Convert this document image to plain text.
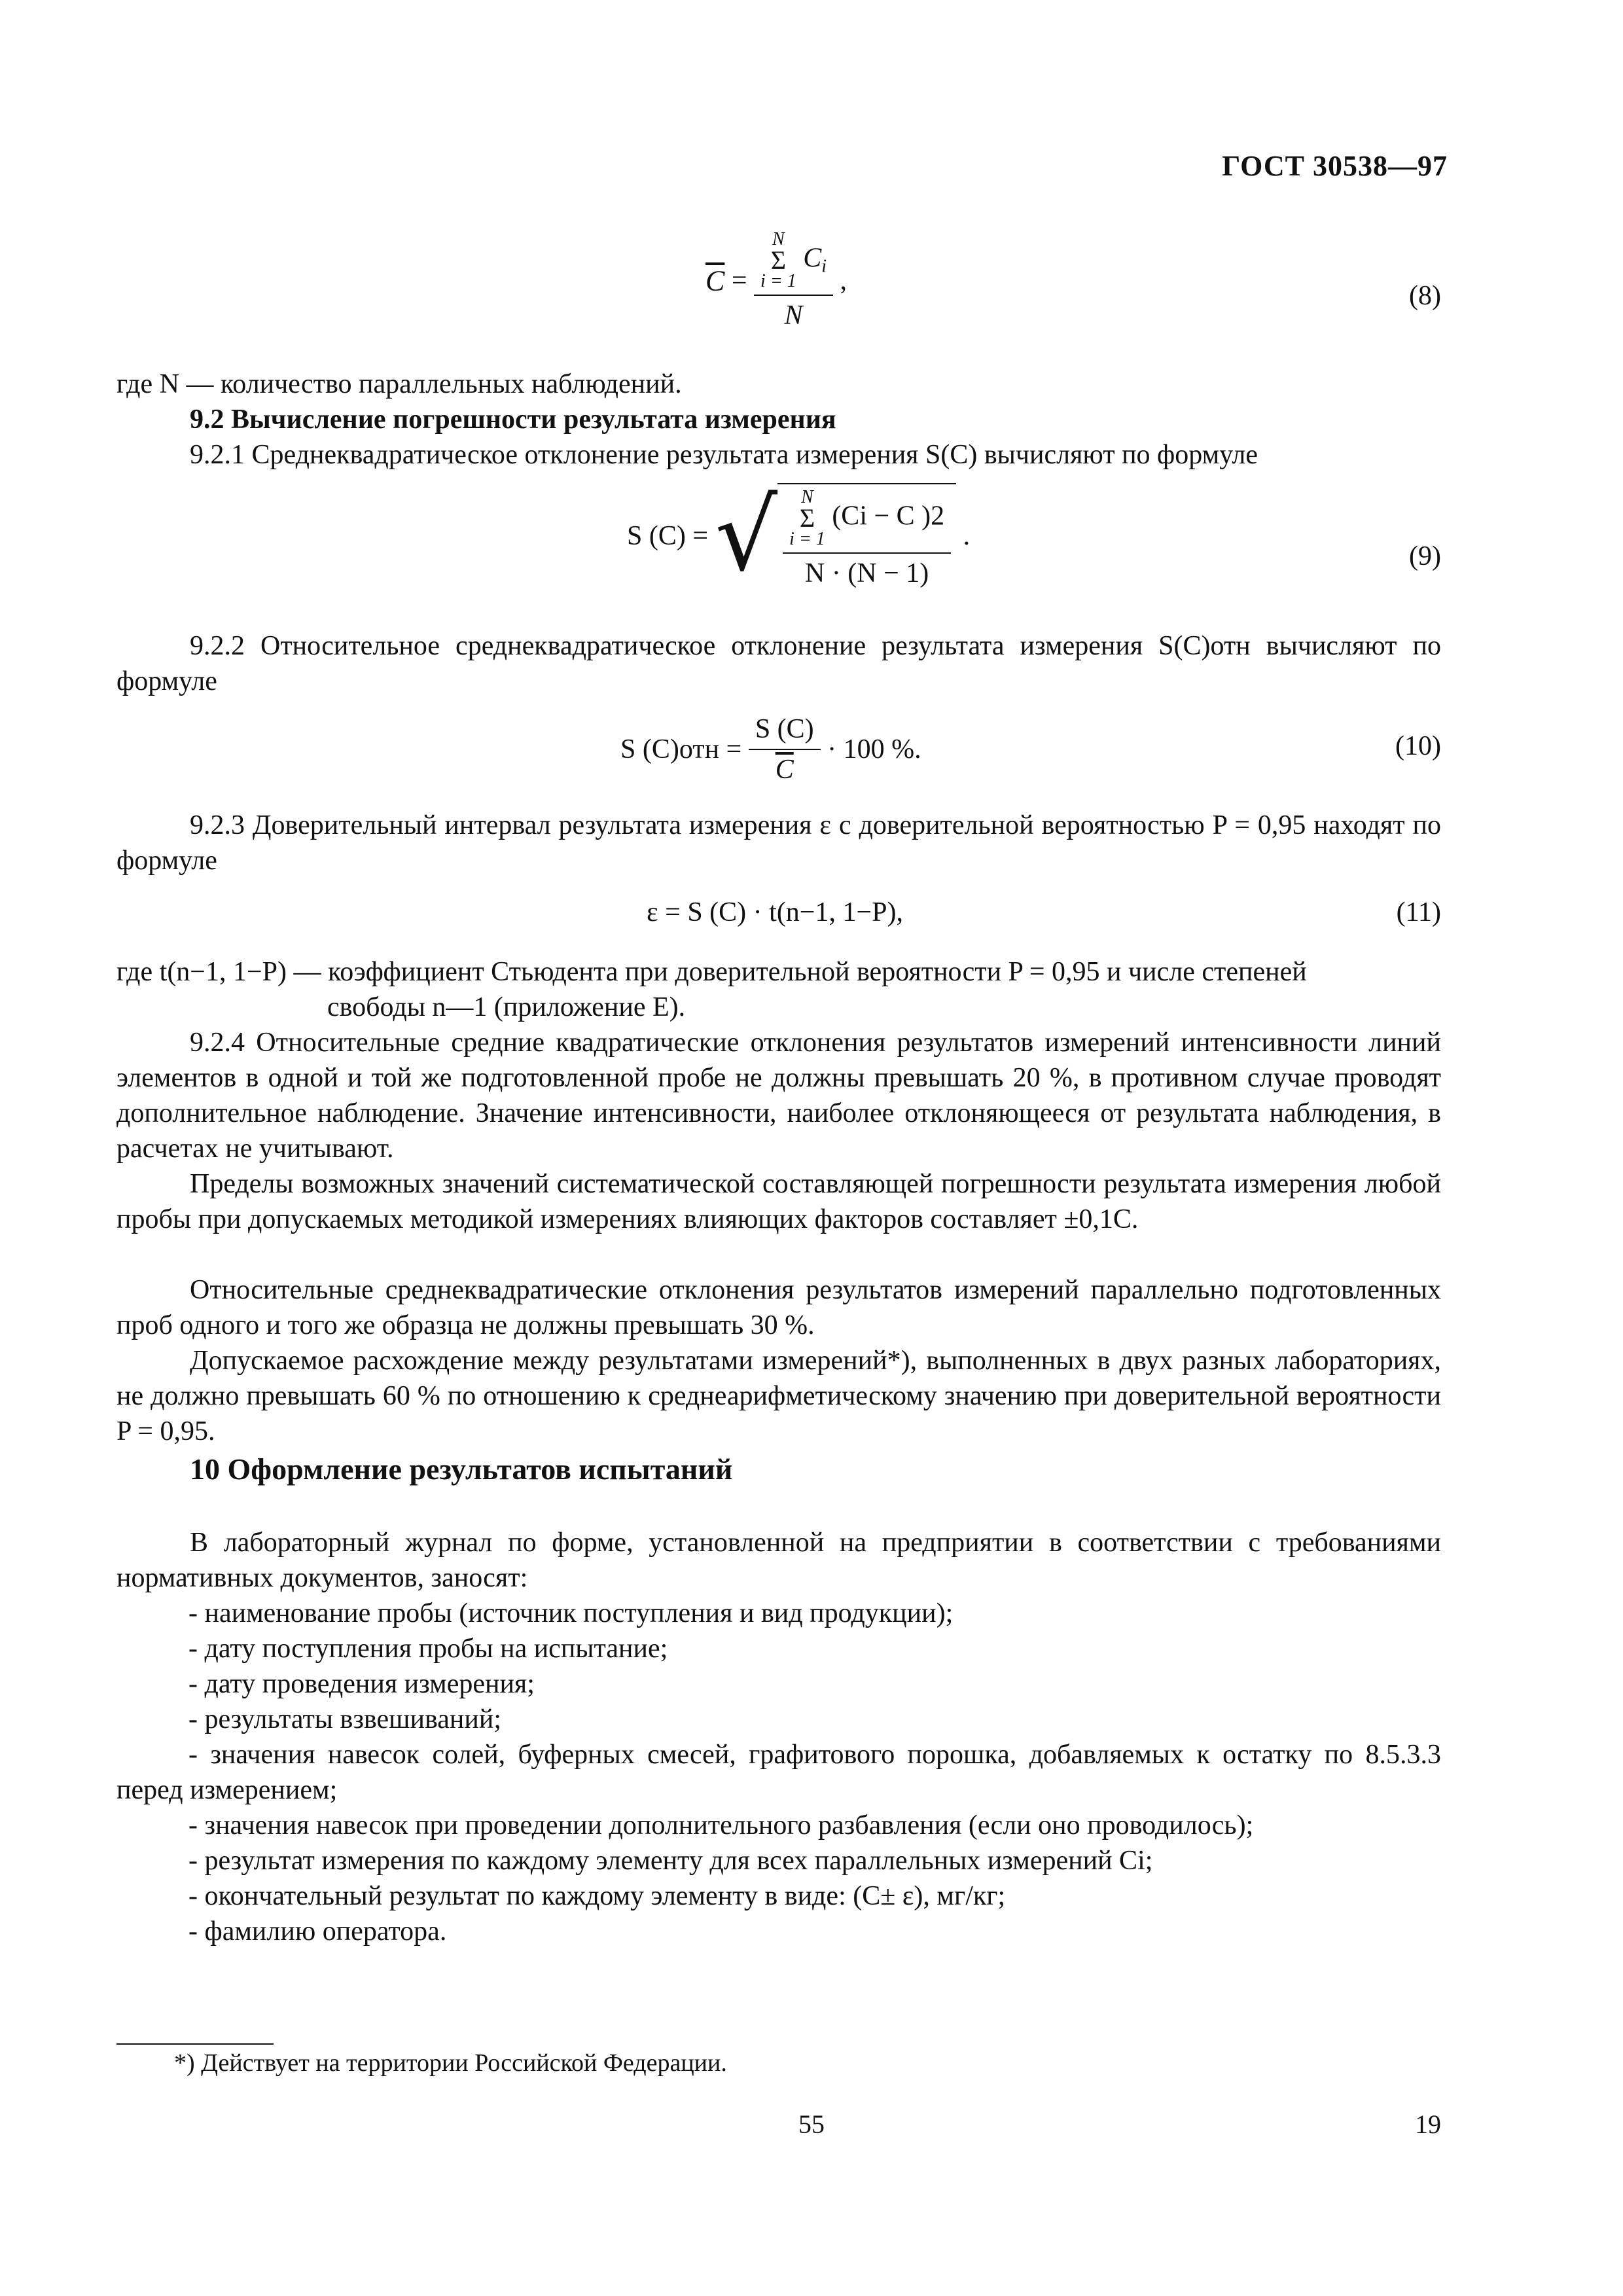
ГОСТ 30538—97
$\overline{C} = N$
Σ
i = 1
$C_i$
N ,	(8)
где N — количество параллельных наблюдений.
9.2 Вычисление погрешности результата измерения
9.2.1 Среднеквадратическое отклонение результата измерения S(C) вычисляют по формуле
S (C) = √ N
Σ
i = 1
(Ci − C )2
N · (N − 1)
.
(9)
9.2.2 Относительное среднеквадратическое отклонение результата измерения S(C)отн вычисляют по формуле
S $(C)отн = \frac{S (C)}{C} \cdot 100$ %.	(10)
9.2.3 Доверительный интервал результата измерения ε с доверительной вероятностью P = 0,95 находят по формуле
ε = S (C) · t(n−1, 1−P),	(11)
где t(n−1, 1−P) — коэффициент Стьюдента при доверительной вероятности P = 0,95 и числе степеней
свободы n—1 (приложение Е).
9.2.4 Относительные средние квадратические отклонения результатов измерений интенсивности линий элементов в одной и той же подготовленной пробе не должны превышать 20 %, в противном случае проводят дополнительное наблюдение. Значение интенсивности, наиболее отклоняющееся от результата наблюдения, в расчетах не учитывают.
Пределы возможных значений систематической составляющей погрешности результата измерения любой пробы при допускаемых методикой измерениях влияющих факторов составляет ±0,1C.
Относительные среднеквадратические отклонения результатов измерений параллельно подготовленных проб одного и того же образца не должны превышать 30 %.
Допускаемое расхождение между результатами измерений*), выполненных в двух разных лабораториях, не должно превышать 60 % по отношению к среднеарифметическому значению при доверительной вероятности P = 0,95.
10 Оформление результатов испытаний
В лабораторный журнал по форме, установленной на предприятии в соответствии с требованиями нормативных документов, заносят:
- наименование пробы (источник поступления и вид продукции);
- дату поступления пробы на испытание;
- дату проведения измерения;
- результаты взвешиваний;
- значения навесок солей, буферных смесей, графитового порошка, добавляемых к остатку по 8.5.3.3 перед измерением;
- значения навесок при проведении дополнительного разбавления (если оно проводилось);
- результат измерения по каждому элементу для всех параллельных измерений Ci;
- окончательный результат по каждому элементу в виде: (C± ε), мг/кг;
- фамилию оператора.
*) Действует на территории Российской Федерации.
55	19
